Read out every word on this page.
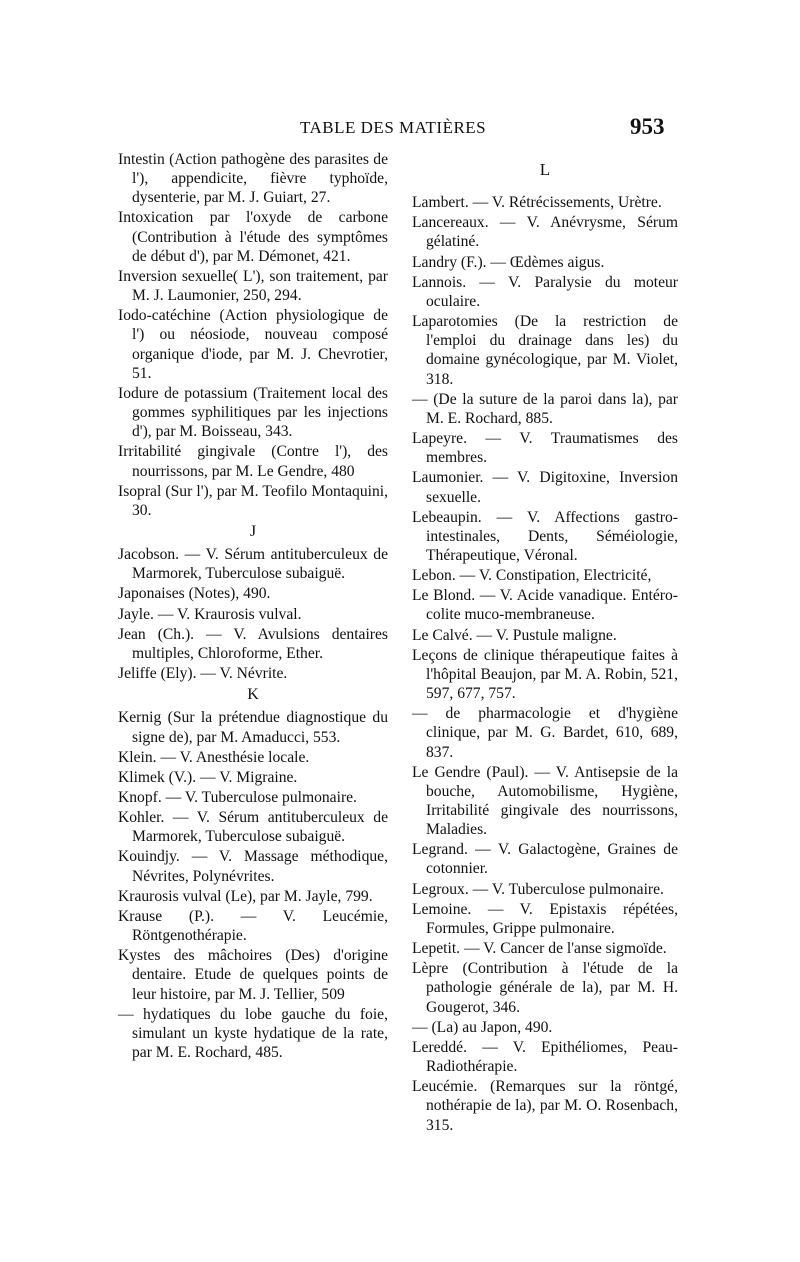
TABLE DES MATIÈRES	953

Intestin (Action pathogène des parasites de l'), appendicite, fièvre typhoïde, dysenterie, par M. J. Guiart, 27.

Intoxication par l'oxyde de carbone (Contribution à l'étude des symptômes de début d'), par M. Démonet, 421.

Inversion sexuelle( L'), son traitement, par M. J. Laumonier, 250, 294.

Iodo-catéchine (Action physiologique de l') ou néosiode, nouveau composé organique d'iode, par M. J. Chevrotier, 51.

Iodure de potassium (Traitement local des gommes syphilitiques par les injections d'), par M. Boisseau, 343.

Irritabilité gingivale (Contre l'), des nourrissons, par M. Le Gendre, 480

Isopral (Sur l'), par M. Teofilo Montaquini, 30.

J

Jacobson. — V. Sérum antituberculeux de Marmorek, Tuberculose subaiguë.

Japonaises (Notes), 490.

Jayle. — V. Kraurosis vulval.

Jean (Ch.). — V. Avulsions dentaires multiples, Chloroforme, Ether.

Jeliffe (Ely). — V. Névrite.

K

Kernig (Sur la prétendue diagnostique du signe de), par M. Amaducci, 553.

Klein. — V. Anesthésie locale.

Klimek (V.). — V. Migraine.

Knopf. — V. Tuberculose pulmonaire.

Kohler. — V. Sérum antituberculeux de Marmorek, Tuberculose subaiguë.

Kouindjy. — V. Massage méthodique, Névrites, Polynévrites.

Kraurosis vulval (Le), par M. Jayle, 799.

Krause (P.). — V. Leucémie, Röntgenothérapie.

Kystes des mâchoires (Des) d'origine dentaire. Etude de quelques points de leur histoire, par M. J. Tellier, 509

— hydatiques du lobe gauche du foie, simulant un kyste hydatique de la rate, par M. E. Rochard, 485.

L

Lambert. — V. Rétrécissements, Urètre.

Lancereaux. — V. Anévrysme, Sérum gélatiné.

Landry (F.). — Œdèmes aigus.

Lannois. — V. Paralysie du moteur oculaire.

Laparotomies (De la restriction de l'emploi du drainage dans les) du domaine gynécologique, par M. Violet, 318.

— (De la suture de la paroi dans la), par M. E. Rochard, 885.

Lapeyre. — V. Traumatismes des membres.

Laumonier. — V. Digitoxine, Inversion sexuelle.

Lebeaupin. — V. Affections gastro-intestinales, Dents, Séméiologie, Thérapeutique, Véronal.

Lebon. — V. Constipation, Electricité,

Le Blond. — V. Acide vanadique. Entéro-colite muco-membraneuse.

Le Calvé. — V. Pustule maligne.

Leçons de clinique thérapeutique faites à l'hôpital Beaujon, par M. A. Robin, 521, 597, 677, 757.

— de pharmacologie et d'hygiène clinique, par M. G. Bardet, 610, 689, 837.

Le Gendre (Paul). — V. Antisepsie de la bouche, Automobilisme, Hygiène, Irritabilité gingivale des nourrissons, Maladies.

Legrand. — V. Galactogène, Graines de cotonnier.

Legroux. — V. Tuberculose pulmonaire.

Lemoine. — V. Epistaxis répétées, Formules, Grippe pulmonaire.

Lepetit. — V. Cancer de l'anse sigmoïde.

Lèpre (Contribution à l'étude de la pathologie générale de la), par M. H. Gougerot, 346.

— (La) au Japon, 490.

Lereddé. — V. Epithéliomes, Peau-Radiothérapie.

Leucémie. (Remarques sur la röntgé, nothérapie de la), par M. O. Rosenbach, 315.
